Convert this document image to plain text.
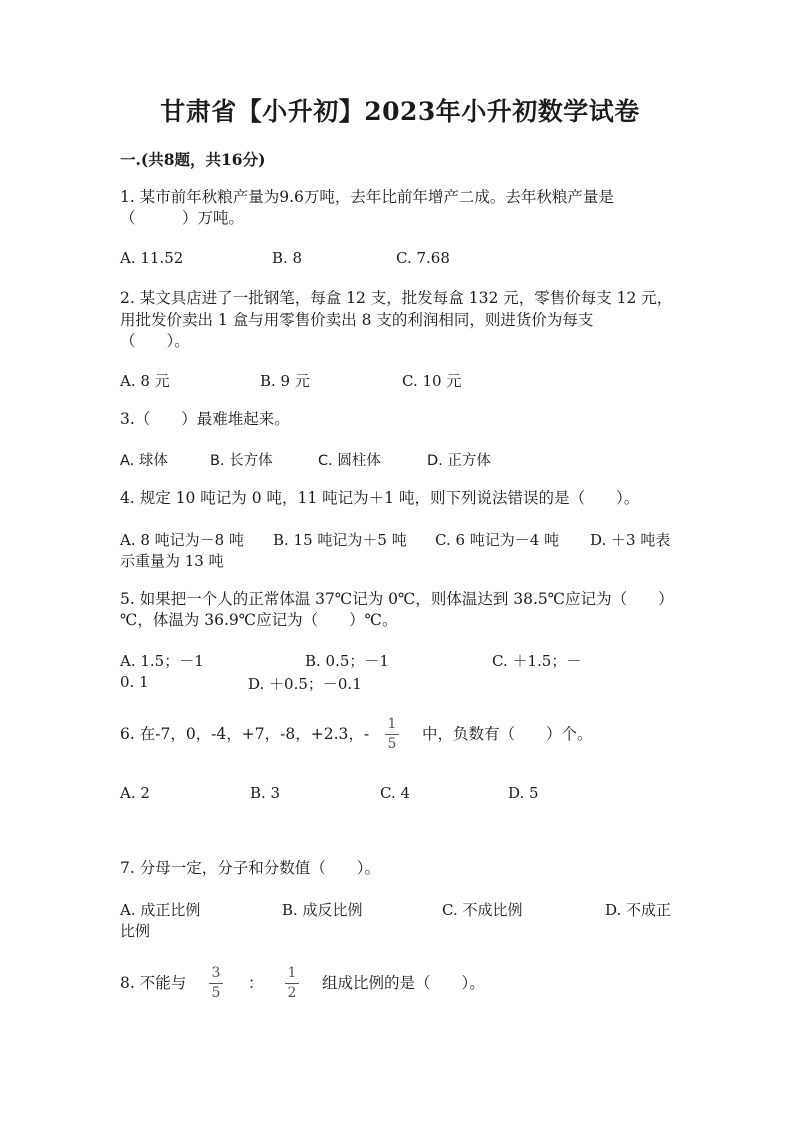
甘肃省【小升初】2023年小升初数学试卷
一.(共8题，共16分)
1. 某市前年秋粮产量为9.6万吨，去年比前年增产二成。去年秋粮产量是
（　　　）万吨。
A. 11.52	B. 8	C. 7.68
2. 某文具店进了一批钢笔，每盒 12 支，批发每盒 132 元，零售价每支 12 元，
用批发价卖出 1 盒与用零售价卖出 8 支的利润相同，则进货价为每支
（　　）。
A. 8 元	B. 9 元	C. 10 元
3.（　　）最难堆起来。
A. 球体	B. 长方体	C. 圆柱体	D. 正方体
4. 规定 10 吨记为 0 吨，11 吨记为＋1 吨，则下列说法错误的是（　　）。
A. 8 吨记为－8 吨 B. 15 吨记为＋5 吨 C. 6 吨记为－4 吨 D. ＋3 吨表
示重量为 13 吨
5. 如果把一个人的正常体温 37℃记为 0℃，则体温达到 38.5℃应记为（　　）
℃，体温为 36.9℃应记为（　　）℃。
A. 1.5；－1	B. 0.5；－1	C. ＋1.5；－
0. 1	D. ＋0.5；－0.1
6. 在-7，0，-4，+7，-8，+2.3，-
1
5
中，负数有（　　）个。
A. 2	B. 3	C. 4	D. 5
7. 分母一定，分子和分数值（　　）。
A. 成正比例	B. 成反比例	C. 不成比例	D. 不成正
比例
8. 不能与
3
5
：
1
2
组成比例的是（　　）。
